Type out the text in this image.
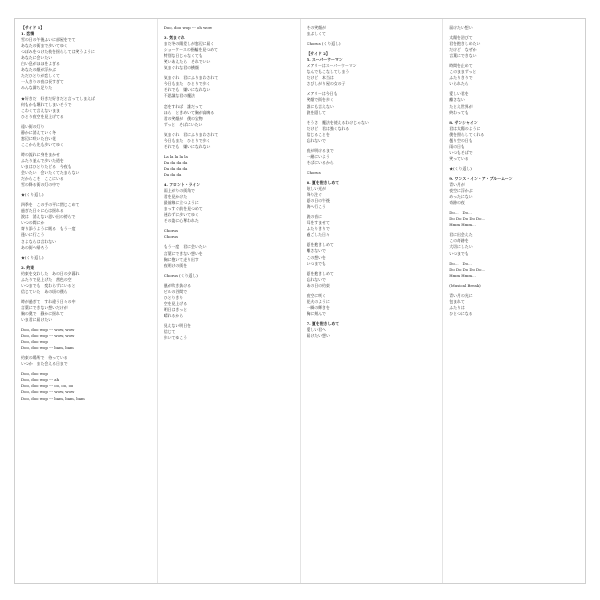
【サイド 1】
1. 恋情
雪の日の午後ふいに部屋をでて
あなたの街まで歩いてゆく
つぼみをつけた枝を揺らしては笑うように
あなたに会いたい
白い息がほほをよぎる
あなたの顔が浮かぶ
ただひとりが恋しくて
一人きりの夜は長すぎて
みんな満ち足りた
★好きだ　好きだ好きだと言ってしまえば
何もかも壊れてしまいそうで
こわくて言えないまま
ひとり夜空を見上げてる
遠い街の灯り
静かに消えていく冬
窓辺に咲いた白い花
ここから先も歩いてゆく
時の流れに身をまかせ
ふたり並んで歩いた道を
いまはひとりたどる　今夜も
会いたい　会いたくてたまらない
だからこそ　ここにいる
雪の降る街の灯の中で
★(くり返し)
四季を　この手の平に閉じこめて
過ぎた日々に心は揺れる
涙は　消えない思い出の傍らで
いつの間にか
寄り添うように眠る　もう一度
逢いに行こう
さよならは言わない
あの街へ帰ろう
★(くり返し)
2. 約束
約束を交わした　あの日の夕暮れ
ふたりで見上げた　茜色の空
いつまでも　変わらずにいると
信じていた　あの頃の僕ら
時が過ぎて　すれ違う日々の中
言葉にできない想いだけが
胸の奥で　静かに揺れて
いま君に届けたい
Doo, doo wop --- wow, wow
Doo, doo wop --- wow, wow
Doo, doo wop
Doo, doo wop --- bam, bam
約束の場所で　待っている
いつか　また会える日まで
Doo, doo wop
Doo, doo wop --- ah
Doo, doo wop --- oo, oo, oo
Doo, doo wop --- wow, wow
Doo, doo wop --- bam, bam, bam
Doo, doo wop --- oh wow
3. 気まぐれ
まだ冬の陽差しが窓辺に届く
ショーケースの指輪を見つめて
特別な日じゃなくても
笑いあえたら　それでいい
気まぐれな君の横顔
気まぐれ　君にふりまわされて
今日もまた　ひとりで歩く
それでも　嫌いになれない
不思議な君の魔法
恋をすれば　誰だって
ほら　ときめいて胸が高鳴る
君の笑顔が　僕の宝物
ずっと　そばにいたい
気まぐれ　君にふりまわされて
今日もまた　ひとりで歩く
それでも　嫌いになれない
La la la la la
Da da da da
Da da da da
Da da da
4. フロント・ライン
雨上がりの街角で
君を見かけた
最前線に立つように
まっすぐ前を見つめて
迷わずに歩いてゆく
その姿に心奪われた
Chorus
Chorus
もう一度　君に会いたい
言葉にできない想いを
胸に抱いて走り出す
夜明けの街を
Chorus (くり返し)
風が吹き抜ける
ビルの谷間で
ひとりきり
空を見上げる
明日はきっと
晴れるから
見えない明日を
信じて
歩いてゆこう
その笑顔が
まぶしくて
Chorus (くり返し)
【サイド 2】
5. スーパーウーマン
メアリーはスーパーウーマン
なんでもこなしてしまう
だけど　本当は
さびしがり屋の女の子
メアリーは今日も
笑顔で街を歩く
誰にも言えない
涙を隠して
そうさ　魔法を使えるわけじゃない
だけど　君は強くなれる
信じることを
忘れないで
夜が明けるまで
一緒にいよう
そばにいるから
Chorus
6. 夏を抱きしめて
眩しい光が
降り注ぐ
夏の日の午後
海へ行こう
波の音に
耳をすませて
ふたりきりで
過ごした日々
夏を抱きしめて
離さないで
この想いを
いつまでも
夏を抱きしめて
忘れないで
あの日の約束
夜空に咲く
花火のように
一瞬の輝きを
胸に刻んで
7. 夏を抱きしめて
愛しい君へ
届けたい想い
届けたい想い
太陽を浴びて
君を抱きしめたい
だけど　なぜか
言葉にできない
時間を止めて
このままずっと
ふたりきりで
いられたら
愛しい君を
離さない
たとえ世界が
終わっても
8. サンシャイン
君は太陽のように
僕を照らしてくれる
曇り空の日も
雨の日も
いつもそばで
笑っている
★(くり返し)
9. ワンス・イン・ア・ブルームーン
青い月が
夜空に浮かぶ
めったにない
奇跡の夜
Do…　Do…
Do Do Do Do Do…
Hmm Hmm…
君に出会えた
この奇跡を
大切にしたい
いつまでも
Do…　Do…
Do Do Do Do Do…
Hmm Hmm…
(Musical Break)
青い月の光に
包まれて
ふたりは
ひとつになる
